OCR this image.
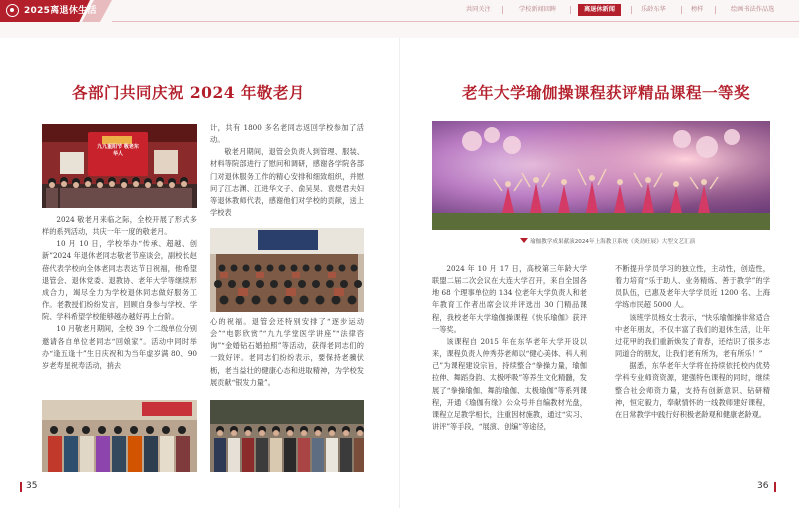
2025离退休生活	共同关注	学校新闻回眸	离退休新闻	乐龄东华	榜样	绘画书法作品选
各部门共同庆祝 2024 年敬老月
九九重阳节 敬老东华人

2024 敬老月来临之际，全校开展了形式多样的系列活动，共庆一年一度的敬老月。

10 月 10 日，学校举办“传承、超越、创新”2024 年退休老同志敬老节座谈会，副校长赵蓓代表学校向全体老同志表达节日祝福，他希望退管会、退休党委、退教协、老年大学等继续形成合力，竭尽全力为学校退休同志做好服务工作。老教授们纷纷发言，回顾自身参与学校、学院、学科希望学校能够越办越好再上台阶。

10 月敬老月期间，全校 39 个二级单位分别邀请各自单位老同志“回娘家”。活动中同时举办“逢五逢十”生日庆祝和为当年虚岁满 80、90 岁老寿星祝寿活动，捎去

计，共有 1800 多名老同志返回学校参加了活动。

敬老月期间，退管会负责人到管理、服装、材料等院部进行了慰问和调研，感谢各学院各部门对退休服务工作的精心安排和细致组织，并慰问了江志渊、江进华文子、俞吴昊、袁煜君夫妇等退休教师代表，感谢他们对学校的贡献，送上学校表

心的祝福。退管会还特别安排了“逐步运动会”“电影欣赏”“九九学堂医学讲座”“法律咨询”“金婚钻石婚拍照”等活动，获得老同志们的一致好评。老同志们纷纷表示，要保持老骥伏枥，老当益壮的健康心态和进取精神，为学校发展贡献“银发力量”。

35
老年大学瑜伽操课程获评精品课程一等奖
瑜伽教学成果献演2024年上海教卫系统《炎劲旺展》大型文艺汇演

2024 年 10 月 17 日，高校第三年龄大学联盟二届二次会议在大连大学召开，来自全国各地 68 个理事单位的 134 位老年大学负责人和老年教育工作者出席会议并评选出 30 门精品课程，我校老年大学瑜伽操课程《快乐瑜伽》获评一等奖。

该课程自 2015 年在东华老年大学开设以来，课程负责人仲秀芬老师以“健心美体、科人利己”为课程建设宗旨，持续整合“拳操力量，瑜伽拉伸、舞蹈身韵、太极呼吸”等养生文化精髓，发展了“拳操瑜伽、舞韵瑜伽、太极瑜伽”等系列课程，开通《瑜伽有缘》公众号并自编教材光盘，课程立足教学相长，注重因材施教，通过“实习、讲评”等手段，“展演、创编”等途径，

不断提升学员学习的独立性，主动性，创造性，着力培育“乐于助人、业务精炼、善于教学”的学员队伍，已惠及老年大学学员近 1200 名、上海学练市民超 5000 人。

该班学员杨女士表示，“快乐瑜伽操非常适合中老年朋友，不仅丰富了我们的退休生活，让年过花甲的我们重新焕发了青春，还结识了很多志同道合的朋友，让我们老有所为，老有所乐！”

据悉，东华老年大学将在持续依托校内优势学科专业师资资源，建强特色课程的同时，继续整合社会师资力量，支持有创新意识、钻研精神，恒定毅力，奉献情怀的一线教师建好课程，在日常教学中践行好积极老龄观和健康老龄观。

36
